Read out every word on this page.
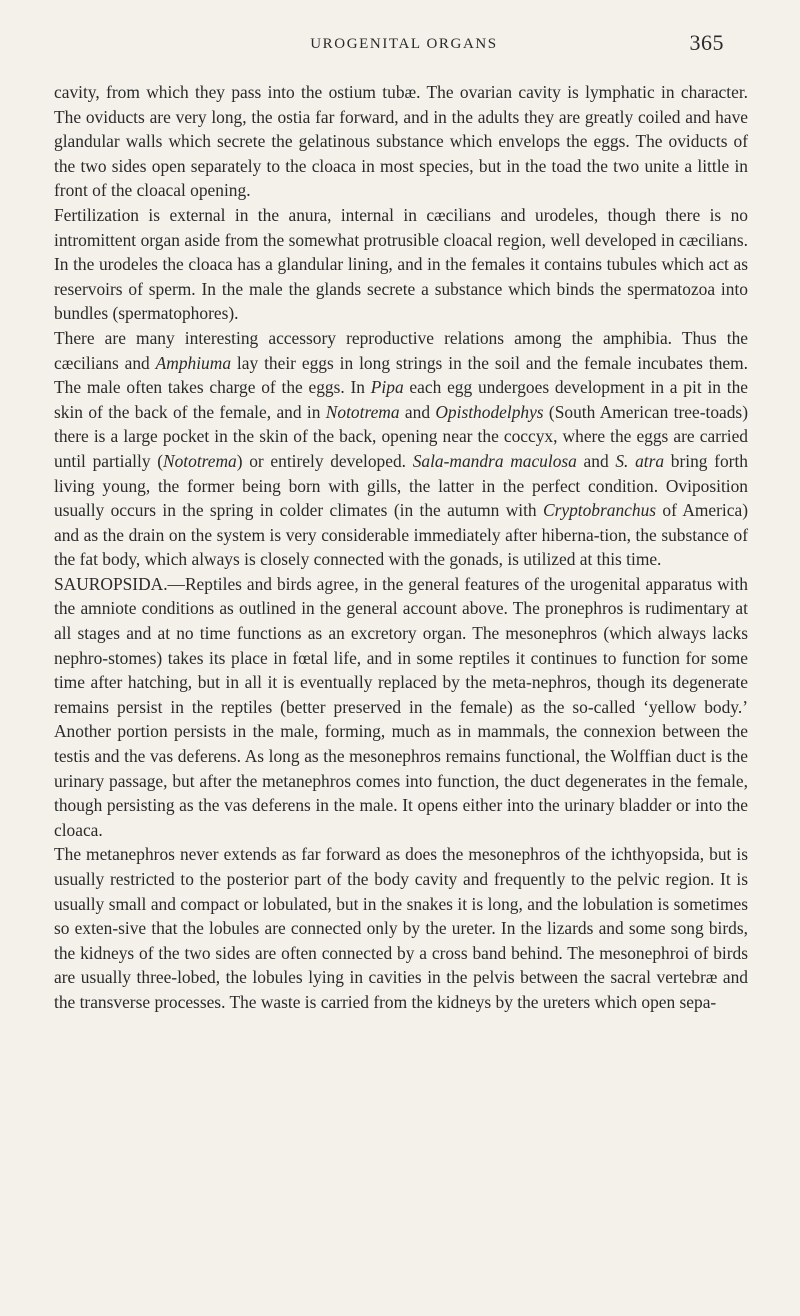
UROGENITAL ORGANS	365

cavity, from which they pass into the ostium tubæ. The ovarian cavity is lymphatic in character. The oviducts are very long, the ostia far forward, and in the adults they are greatly coiled and have glandular walls which secrete the gelatinous substance which envelops the eggs. The oviducts of the two sides open separately to the cloaca in most species, but in the toad the two unite a little in front of the cloacal opening.

Fertilization is external in the anura, internal in cæcilians and urodeles, though there is no intromittent organ aside from the somewhat protrusible cloacal region, well developed in cæcilians. In the urodeles the cloaca has a glandular lining, and in the females it contains tubules which act as reservoirs of sperm. In the male the glands secrete a substance which binds the spermatozoa into bundles (spermatophores).

There are many interesting accessory reproductive relations among the amphibia. Thus the cæcilians and Amphiuma lay their eggs in long strings in the soil and the female incubates them. The male often takes charge of the eggs. In Pipa each egg undergoes development in a pit in the skin of the back of the female, and in Nototrema and Opisthodelphys (South American tree-toads) there is a large pocket in the skin of the back, opening near the coccyx, where the eggs are carried until partially (Nototrema) or entirely developed. Sala-mandra maculosa and S. atra bring forth living young, the former being born with gills, the latter in the perfect condition. Oviposition usually occurs in the spring in colder climates (in the autumn with Cryptobranchus of America) and as the drain on the system is very considerable immediately after hiberna-tion, the substance of the fat body, which always is closely connected with the gonads, is utilized at this time.

SAUROPSIDA.—Reptiles and birds agree, in the general features of the urogenital apparatus with the amniote conditions as outlined in the general account above. The pronephros is rudimentary at all stages and at no time functions as an excretory organ. The mesonephros (which always lacks nephro-stomes) takes its place in fœtal life, and in some reptiles it continues to function for some time after hatching, but in all it is eventually replaced by the meta-nephros, though its degenerate remains persist in the reptiles (better preserved in the female) as the so-called ‘yellow body.’ Another portion persists in the male, forming, much as in mammals, the connexion between the testis and the vas deferens. As long as the mesonephros remains functional, the Wolffian duct is the urinary passage, but after the metanephros comes into function, the duct degenerates in the female, though persisting as the vas deferens in the male. It opens either into the urinary bladder or into the cloaca.

The metanephros never extends as far forward as does the mesonephros of the ichthyopsida, but is usually restricted to the posterior part of the body cavity and frequently to the pelvic region. It is usually small and compact or lobulated, but in the snakes it is long, and the lobulation is sometimes so exten-sive that the lobules are connected only by the ureter. In the lizards and some song birds, the kidneys of the two sides are often connected by a cross band behind. The mesonephroi of birds are usually three-lobed, the lobules lying in cavities in the pelvis between the sacral vertebræ and the transverse processes. The waste is carried from the kidneys by the ureters which open sepa-
